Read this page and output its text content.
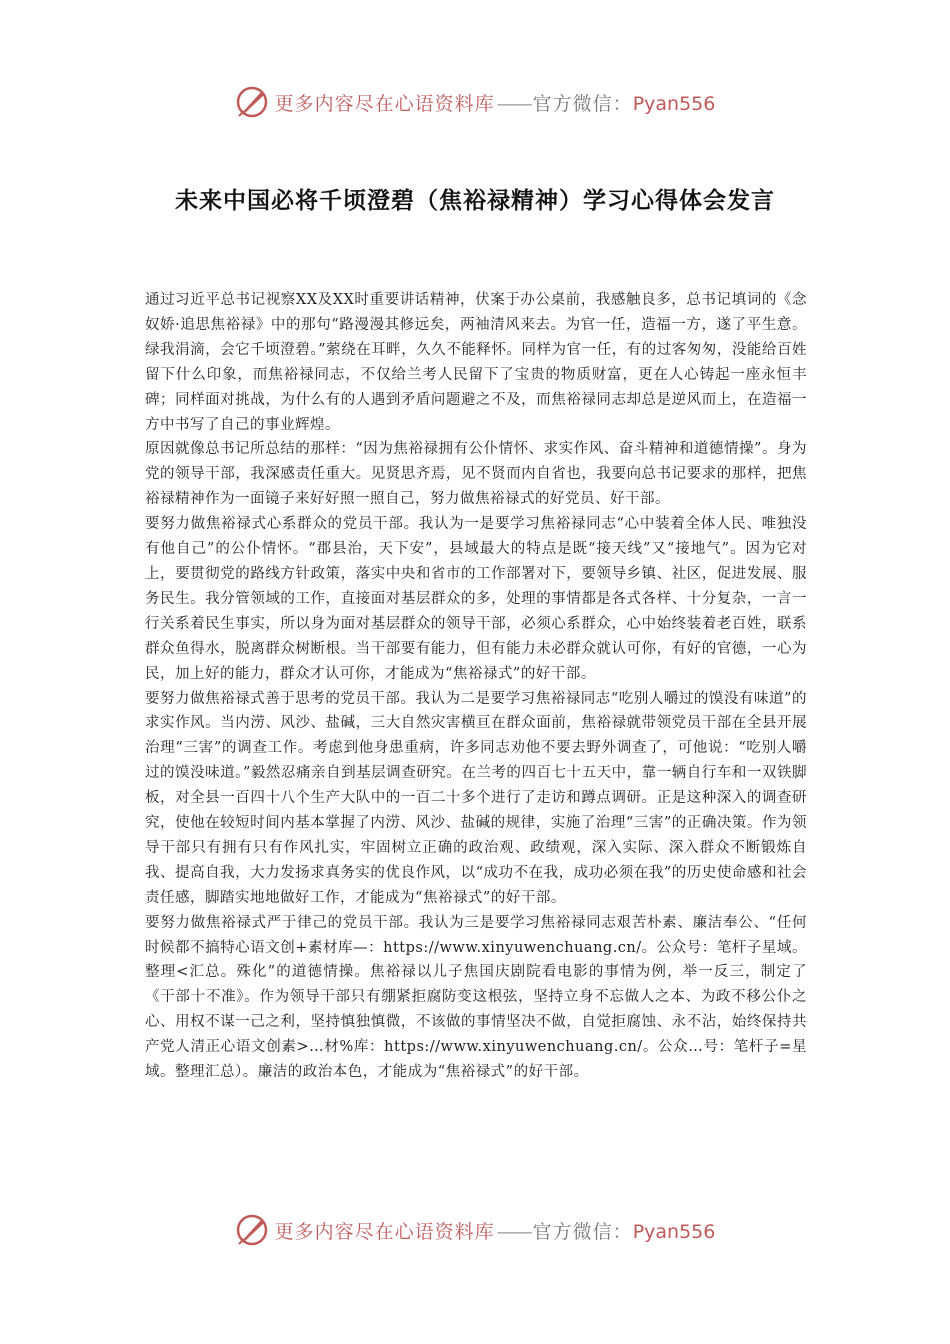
更多内容尽在心语资料库 —— 官方微信：Pyan556
未来中国必将千顷澄碧（焦裕禄精神）学习心得体会发言

通过习近平总书记视察XX及XX时重要讲话精神，伏案于办公桌前，我感触良多，总书记填词的《念奴娇·追思焦裕禄》中的那句“路漫漫其修远矣，两袖清风来去。为官一任，造福一方，遂了平生意。绿我涓滴，会它千顷澄碧。”萦绕在耳畔，久久不能释怀。同样为官一任，有的过客匆匆，没能给百姓留下什么印象，而焦裕禄同志，不仅给兰考人民留下了宝贵的物质财富，更在人心铸起一座永恒丰碑；同样面对挑战，为什么有的人遇到矛盾问题避之不及，而焦裕禄同志却总是逆风而上，在造福一方中书写了自己的事业辉煌。

原因就像总书记所总结的那样：“因为焦裕禄拥有公仆情怀、求实作风、奋斗精神和道德情操”。身为党的领导干部，我深感责任重大。见贤思齐焉，见不贤而内自省也，我要向总书记要求的那样，把焦裕禄精神作为一面镜子来好好照一照自己，努力做焦裕禄式的好党员、好干部。

要努力做焦裕禄式心系群众的党员干部。我认为一是要学习焦裕禄同志“心中装着全体人民、唯独没有他自己”的公仆情怀。“郡县治，天下安”，县域最大的特点是既“接天线”又“接地气”。因为它对上，要贯彻党的路线方针政策，落实中央和省市的工作部署对下，要领导乡镇、社区，促进发展、服务民生。我分管领域的工作，直接面对基层群众的多，处理的事情都是各式各样、十分复杂，一言一行关系着民生事实，所以身为面对基层群众的领导干部，必须心系群众，心中始终装着老百姓，联系群众鱼得水，脱离群众树断根。当干部要有能力，但有能力未必群众就认可你，有好的官德，一心为民，加上好的能力，群众才认可你，才能成为“焦裕禄式”的好干部。

要努力做焦裕禄式善于思考的党员干部。我认为二是要学习焦裕禄同志“吃别人嚼过的馍没有味道”的求实作风。当内涝、风沙、盐碱，三大自然灾害横亘在群众面前，焦裕禄就带领党员干部在全县开展治理“三害”的调查工作。考虑到他身患重病，许多同志劝他不要去野外调查了，可他说：“吃别人嚼过的馍没味道。”毅然忍痛亲自到基层调查研究。在兰考的四百七十五天中，靠一辆自行车和一双铁脚板，对全县一百四十八个生产大队中的一百二十多个进行了走访和蹲点调研。正是这种深入的调查研究，使他在较短时间内基本掌握了内涝、风沙、盐碱的规律，实施了治理“三害”的正确决策。作为领导干部只有拥有只有作风扎实，牢固树立正确的政治观、政绩观，深入实际、深入群众不断锻炼自我、提高自我，大力发扬求真务实的优良作风，以“成功不在我，成功必须在我”的历史使命感和社会责任感，脚踏实地地做好工作，才能成为“焦裕禄式”的好干部。

要努力做焦裕禄式严于律己的党员干部。我认为三是要学习焦裕禄同志艰苦朴素、廉洁奉公、“任何时候都不搞特心语文创+素材库—：https://www.xinyuwenchuang.cn/。公众号：笔杆子星域。整理<汇总。殊化”的道德情操。焦裕禄以儿子焦国庆剧院看电影的事情为例，举一反三，制定了《干部十不准》。作为领导干部只有绷紧拒腐防变这根弦，坚持立身不忘做人之本、为政不移公仆之心、用权不谋一己之利，坚持慎独慎微，不该做的事情坚决不做，自觉拒腐蚀、永不沾，始终保持共产党人清正心语文创素>…材%库：https://www.xinyuwenchuang.cn/。公众…号：笔杆子=星域。整理汇总）。廉洁的政治本色，才能成为“焦裕禄式”的好干部。

更多内容尽在心语资料库 —— 官方微信：Pyan556
